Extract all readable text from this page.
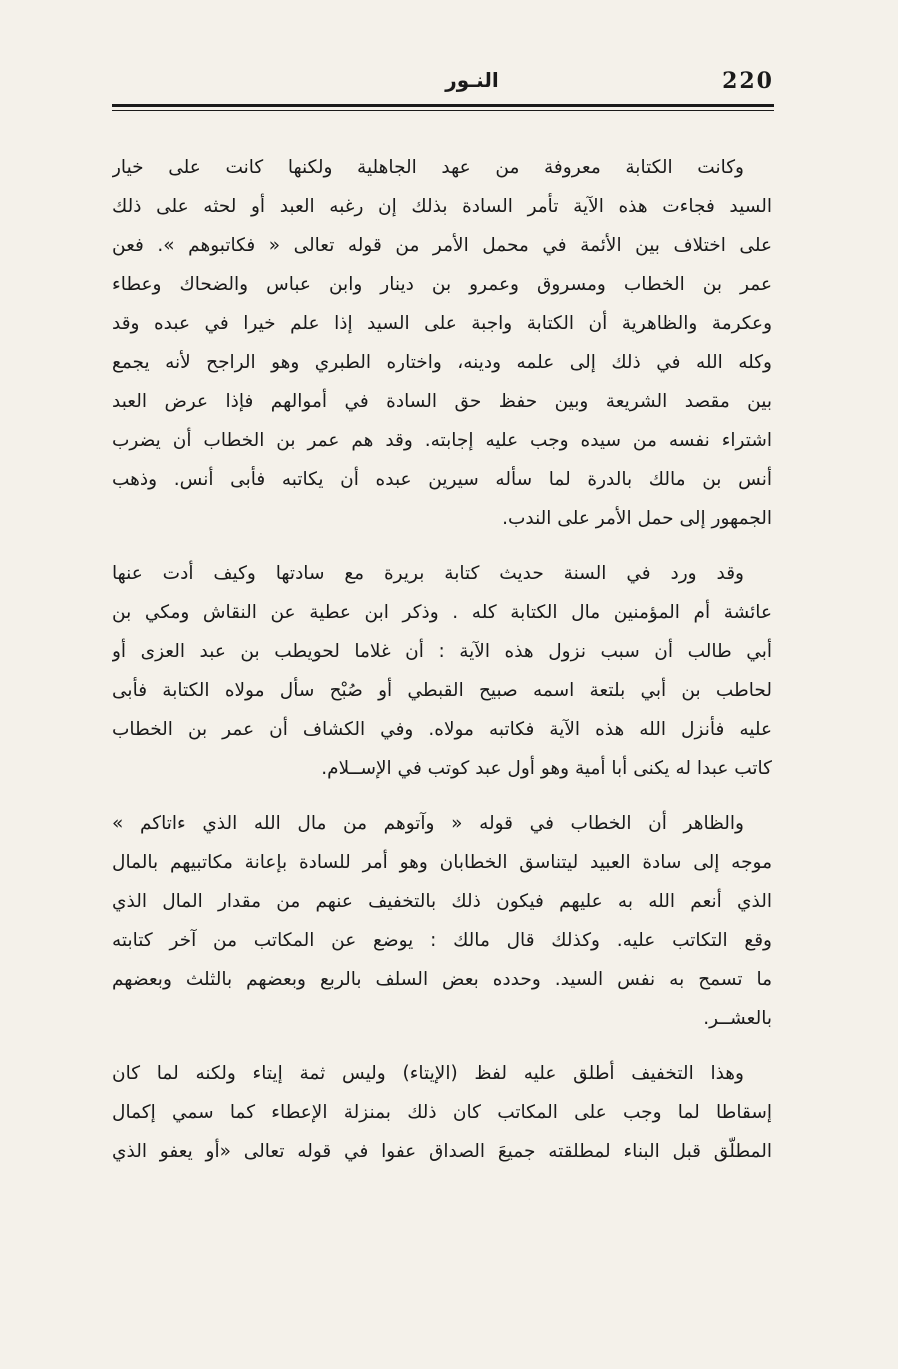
220
النـور
وكانت الكتابة معروفة من عهد الجاهلية ولكنها كانت على خيار
السيد فجاءت هذه الآية تأمر السادة بذلك إن رغبه العبد أو لحثه على ذلك
على اختلاف بين الأئمة في محمل الأمر من قوله تعالى « فكاتبوهم ». فعن
عمر بن الخطاب ومسروق وعمرو بن دينار وابن عباس والضحاك وعطاء
وعكرمة والظاهرية أن الكتابة واجبة على السيد إذا علم خيرا في عبده وقد
وكله الله في ذلك إلى علمه ودينه، واختاره الطبري وهو الراجح لأنه يجمع
بين مقصد الشريعة وبين حفظ حق السادة في أموالهم فإذا عرض العبد
اشتراء نفسه من سيده وجب عليه إجابته. وقد هم عمر بن الخطاب أن يضرب
أنس بن مالك بالدرة لما سأله سيرين عبده أن يكاتبه فأبى أنس. وذهب
الجمهور إلى حمل الأمر على الندب.
وقد ورد في السنة حديث كتابة بريرة مع سادتها وكيف أدت عنها
عائشة أم المؤمنين مال الكتابة كله . وذكر ابن عطية عن النقاش ومكي بن
أبي طالب أن سبب نزول هذه الآية : أن غلاما لحويطب بن عبد العزى أو
لحاطب بن أبي بلتعة اسمه صبيح القبطي أو صُبْح سأل مولاه الكتابة فأبى
عليه فأنزل الله هذه الآية فكاتبه مولاه. وفي الكشاف أن عمر بن الخطاب
كاتب عبدا له يكنى أبا أمية وهو أول عبد كوتب في الإســلام.
والظاهر أن الخطاب في قوله « وآتوهم من مال الله الذي ءاتاكم »
موجه إلى سادة العبيد ليتناسق الخطابان وهو أمر للسادة بإعانة مكاتبيهم بالمال
الذي أنعم الله به عليهم فيكون ذلك بالتخفيف عنهم من مقدار المال الذي
وقع التكاتب عليه. وكذلك قال مالك : يوضع عن المكاتب من آخر كتابته
ما تسمح به نفس السيد. وحدده بعض السلف بالربع وبعضهم بالثلث وبعضهم
بالعشــر.
وهذا التخفيف أطلق عليه لفظ (الإيتاء) وليس ثمة إيتاء ولكنه لما كان
إسقاطا لما وجب على المكاتب كان ذلك بمنزلة الإعطاء كما سمي إكمال
المطلّق قبل البناء لمطلقته جميعَ الصداق عفوا في قوله تعالى «أو يعفو الذي
